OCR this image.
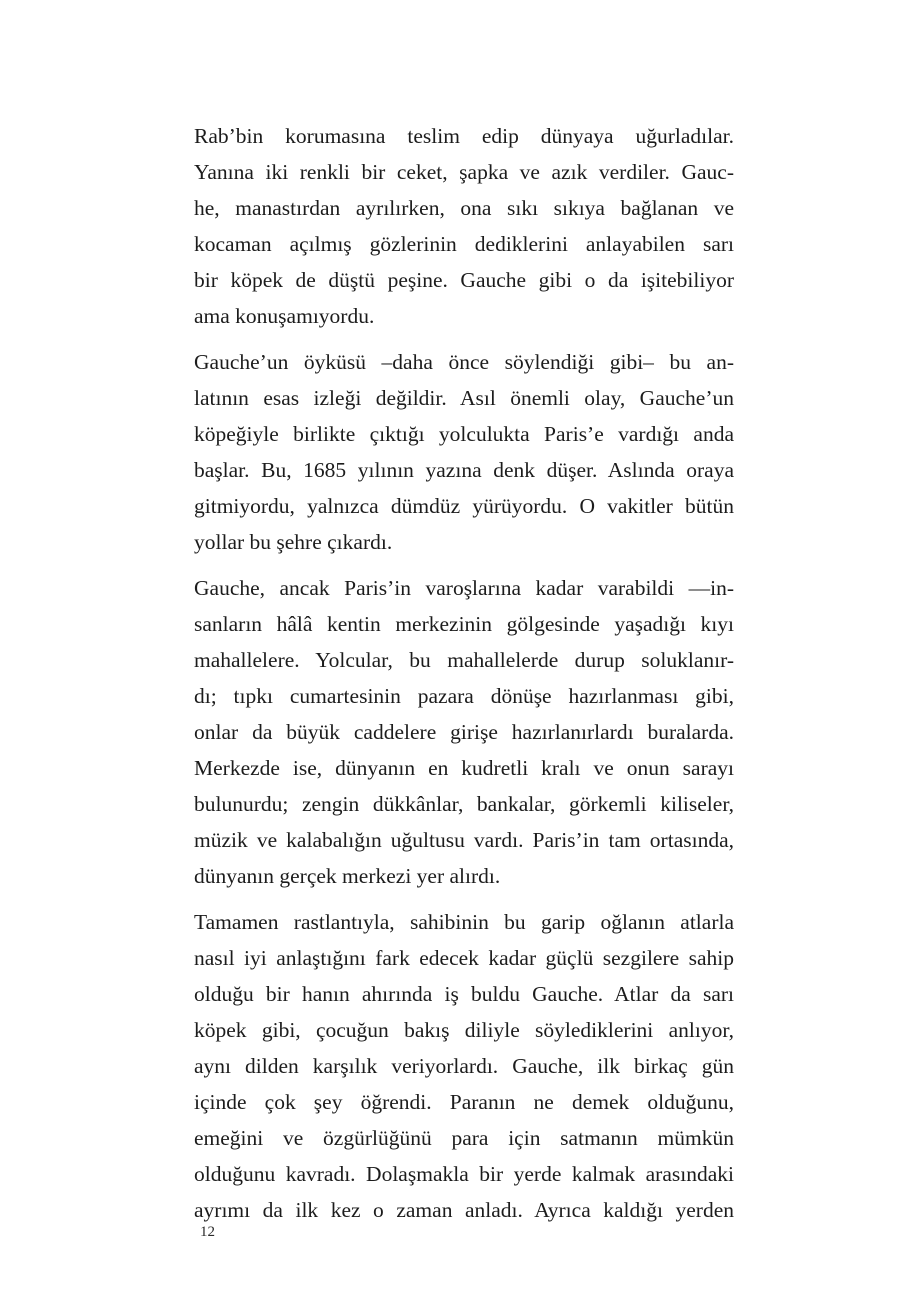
Rab’bin korumasına teslim edip dünyaya uğurladılar.
Yanına iki renkli bir ceket, şapka ve azık verdiler. Gauc-
he, manastırdan ayrılırken, ona sıkı sıkıya bağlanan ve
kocaman açılmış gözlerinin dediklerini anlayabilen sarı
bir köpek de düştü peşine. Gauche gibi o da işitebiliyor
ama konuşamıyordu.
Gauche’un öyküsü –daha önce söylendiği gibi– bu an-
latının esas izleği değildir. Asıl önemli olay, Gauche’un
köpeğiyle birlikte çıktığı yolculukta Paris’e vardığı anda
başlar. Bu, 1685 yılının yazına denk düşer. Aslında oraya
gitmiyordu, yalnızca dümdüz yürüyordu. O vakitler bütün
yollar bu şehre çıkardı.
Gauche, ancak Paris’in varoşlarına kadar varabildi —in-
sanların hâlâ kentin merkezinin gölgesinde yaşadığı kıyı
mahallelere. Yolcular, bu mahallelerde durup soluklanır-
dı; tıpkı cumartesinin pazara dönüşe hazırlanması gibi,
onlar da büyük caddelere girişe hazırlanırlardı buralarda.
Merkezde ise, dünyanın en kudretli kralı ve onun sarayı
bulunurdu; zengin dükkânlar, bankalar, görkemli kiliseler,
müzik ve kalabalığın uğultusu vardı. Paris’in tam ortasında,
dünyanın gerçek merkezi yer alırdı.
Tamamen rastlantıyla, sahibinin bu garip oğlanın atlarla
nasıl iyi anlaştığını fark edecek kadar güçlü sezgilere sahip
olduğu bir hanın ahırında iş buldu Gauche. Atlar da sarı
köpek gibi, çocuğun bakış diliyle söylediklerini anlıyor,
aynı dilden karşılık veriyorlardı. Gauche, ilk birkaç gün
içinde çok şey öğrendi. Paranın ne demek olduğunu,
emeğini ve özgürlüğünü para için satmanın mümkün
olduğunu kavradı. Dolaşmakla bir yerde kalmak arasındaki
ayrımı da ilk kez o zaman anladı. Ayrıca kaldığı yerden
12
